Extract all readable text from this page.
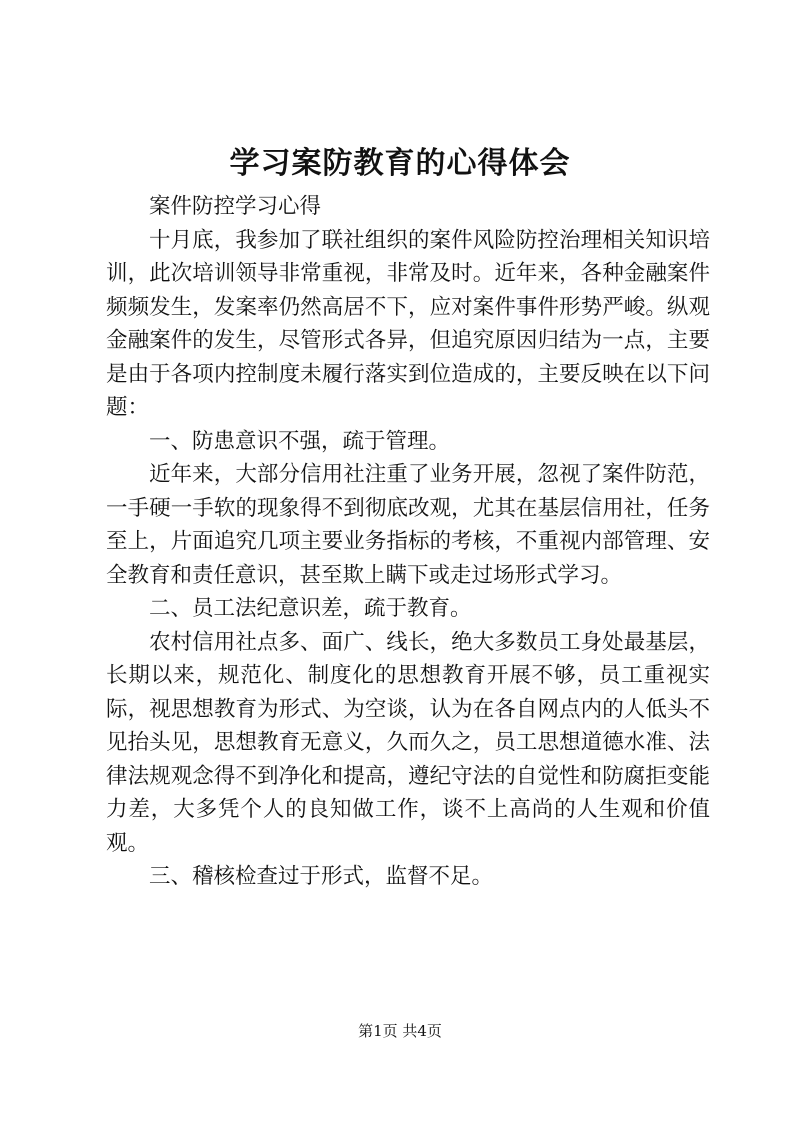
学习案防教育的心得体会

案件防控学习心得

十月底，我参加了联社组织的案件风险防控治理相关知识培训，此次培训领导非常重视，非常及时。近年来，各种金融案件频频发生，发案率仍然高居不下，应对案件事件形势严峻。纵观金融案件的发生，尽管形式各异，但追究原因归结为一点，主要是由于各项内控制度未履行落实到位造成的，主要反映在以下问题：

一、防患意识不强，疏于管理。

近年来，大部分信用社注重了业务开展，忽视了案件防范，一手硬一手软的现象得不到彻底改观，尤其在基层信用社，任务至上，片面追究几项主要业务指标的考核，不重视内部管理、安全教育和责任意识，甚至欺上瞒下或走过场形式学习。

二、员工法纪意识差，疏于教育。

农村信用社点多、面广、线长，绝大多数员工身处最基层，长期以来，规范化、制度化的思想教育开展不够，员工重视实际，视思想教育为形式、为空谈，认为在各自网点内的人低头不见抬头见，思想教育无意义，久而久之，员工思想道德水准、法律法规观念得不到净化和提高，遵纪守法的自觉性和防腐拒变能力差，大多凭个人的良知做工作，谈不上高尚的人生观和价值观。

三、稽核检查过于形式，监督不足。

第1页 共4页
